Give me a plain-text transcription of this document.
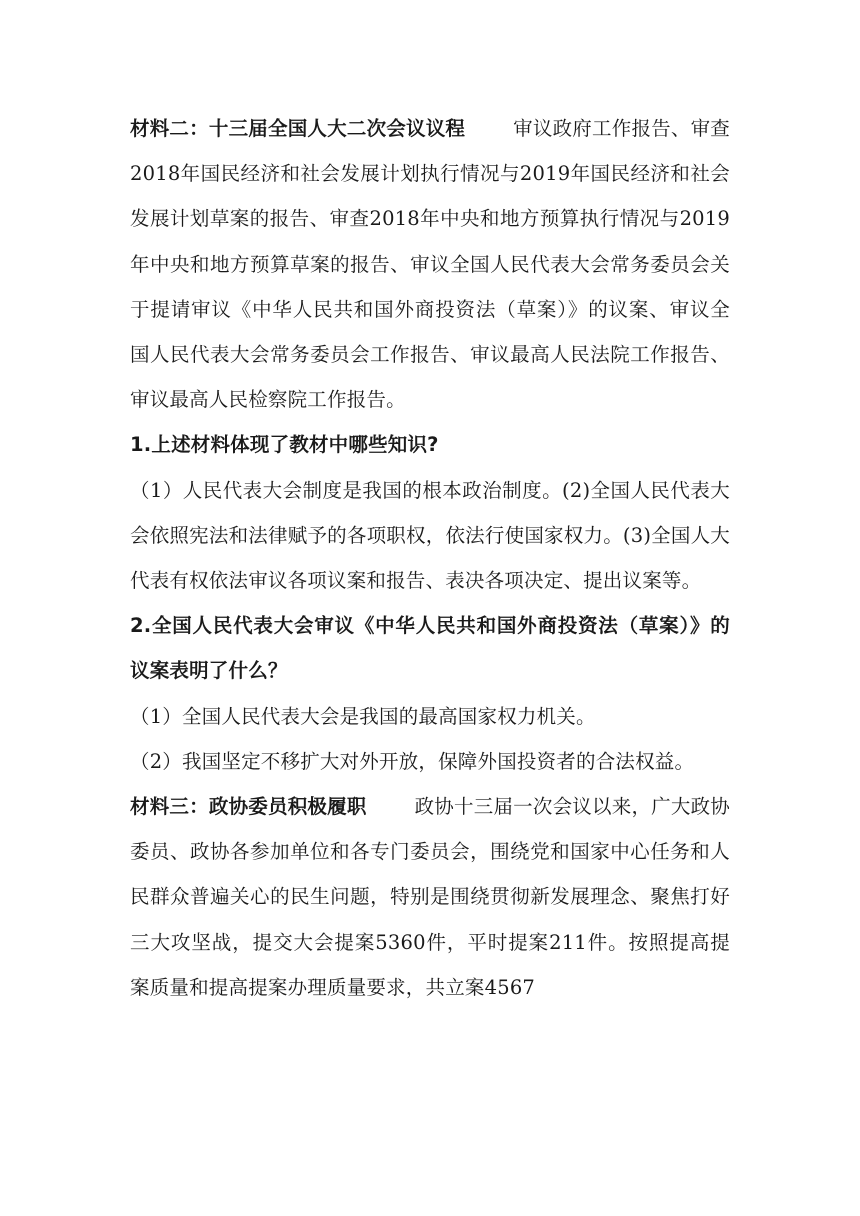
材料二：十三届全国人大二次会议议程 审议政府工作报告、审查2018年国民经济和社会发展计划执行情况与2019年国民经济和社会发展计划草案的报告、审查2018年中央和地方预算执行情况与2019年中央和地方预算草案的报告、审议全国人民代表大会常务委员会关于提请审议《中华人民共和国外商投资法（草案）》的议案、审议全国人民代表大会常务委员会工作报告、审议最高人民法院工作报告、审议最高人民检察院工作报告。

1.上述材料体现了教材中哪些知识?

（1）人民代表大会制度是我国的根本政治制度。(2)全国人民代表大会依照宪法和法律赋予的各项职权，依法行使国家权力。(3)全国人大代表有权依法审议各项议案和报告、表决各项决定、提出议案等。

2.全国人民代表大会审议《中华人民共和国外商投资法（草案）》的议案表明了什么？

（1）全国人民代表大会是我国的最高国家权力机关。

（2）我国坚定不移扩大对外开放，保障外国投资者的合法权益。

材料三：政协委员积极履职 政协十三届一次会议以来，广大政协委员、政协各参加单位和各专门委员会，围绕党和国家中心任务和人民群众普遍关心的民生问题，特别是围绕贯彻新发展理念、聚焦打好三大攻坚战，提交大会提案5360件，平时提案211件。按照提高提案质量和提高提案办理质量要求，共立案4567
